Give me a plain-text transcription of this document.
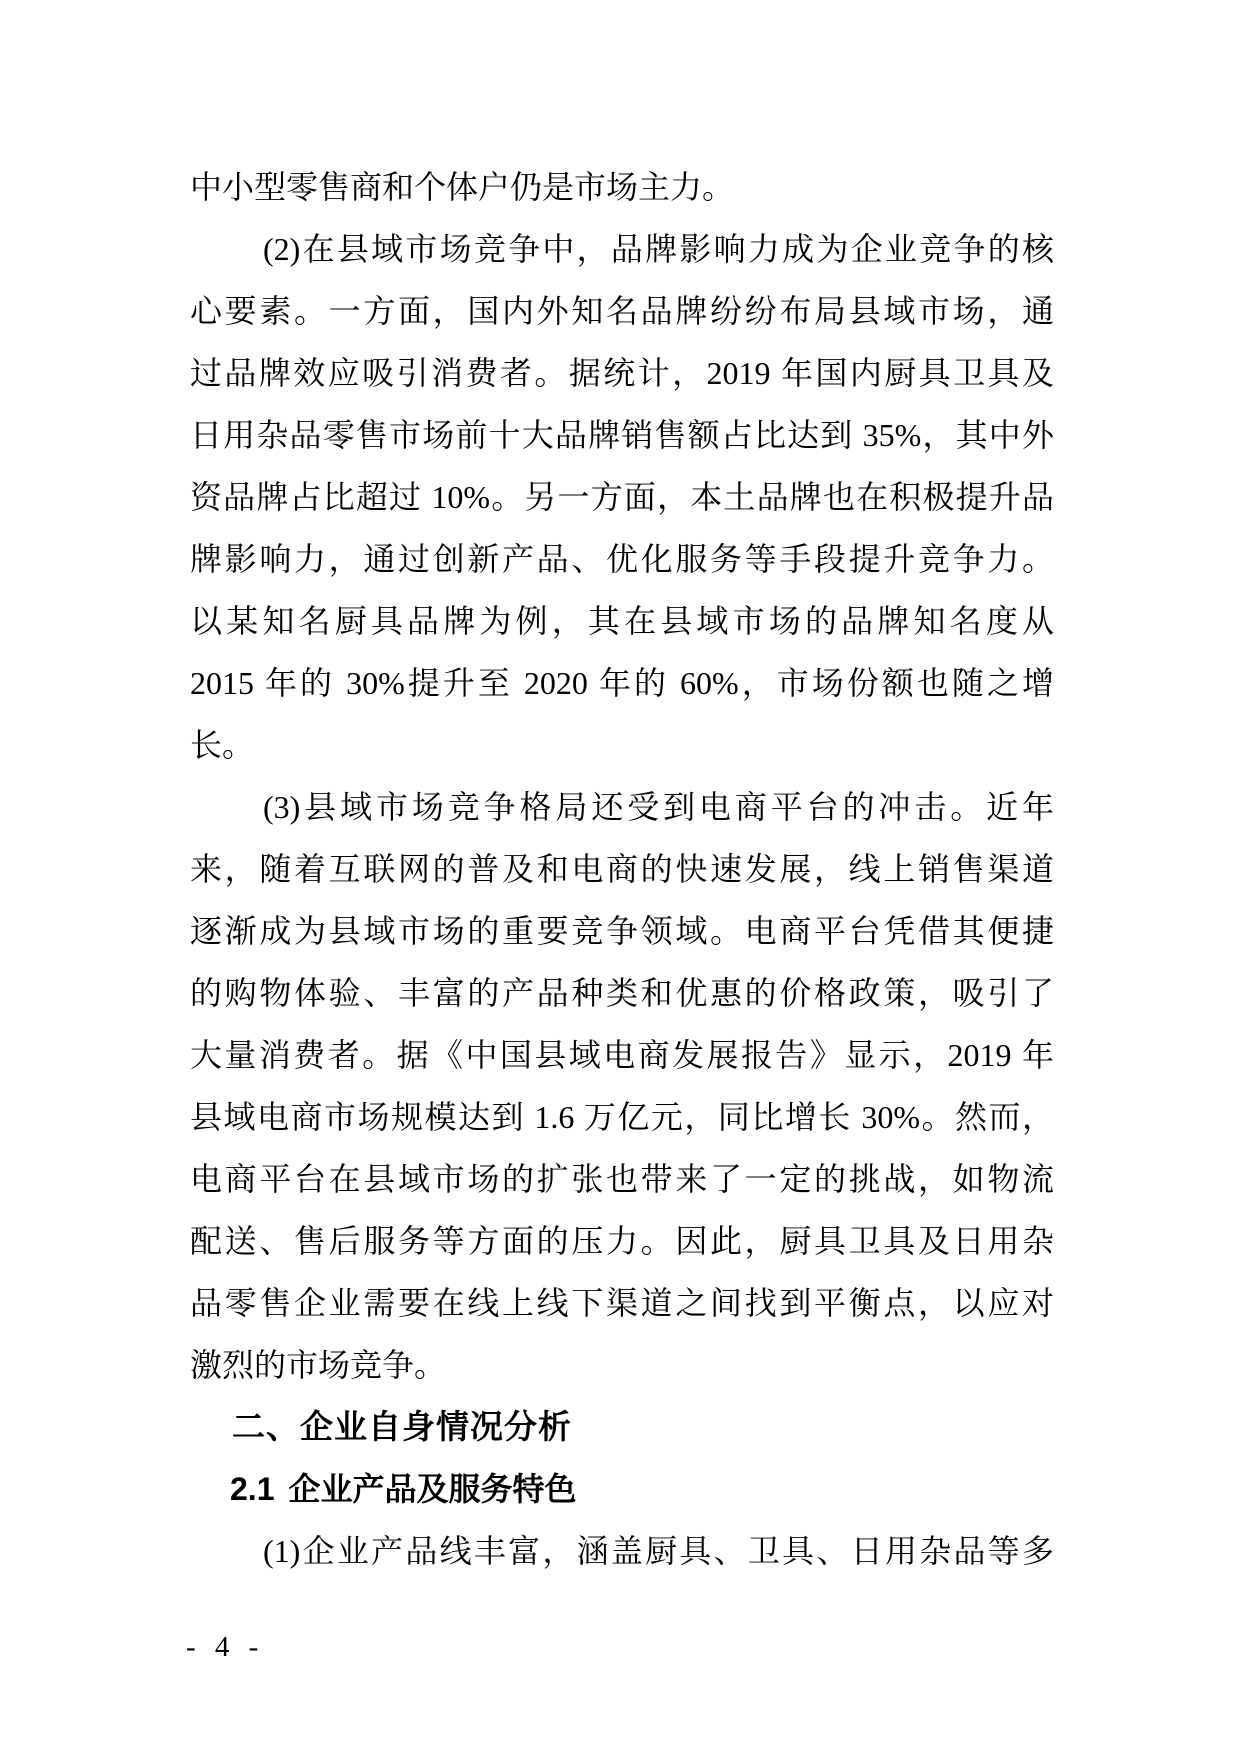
中小型零售商和个体户仍是市场主力。
(2)在县域市场竞争中，品牌影响力成为企业竞争的核
心要素。一方面，国内外知名品牌纷纷布局县域市场，通
过品牌效应吸引消费者。据统计，2019 年国内厨具卫具及
日用杂品零售市场前十大品牌销售额占比达到 35%，其中外
资品牌占比超过 10%。另一方面，本土品牌也在积极提升品
牌影响力，通过创新产品、优化服务等手段提升竞争力。
以某知名厨具品牌为例，其在县域市场的品牌知名度从
2015 年的 30%提升至 2020 年的 60%，市场份额也随之增
长。
(3)县域市场竞争格局还受到电商平台的冲击。近年
来，随着互联网的普及和电商的快速发展，线上销售渠道
逐渐成为县域市场的重要竞争领域。电商平台凭借其便捷
的购物体验、丰富的产品种类和优惠的价格政策，吸引了
大量消费者。据《中国县域电商发展报告》显示，2019 年
县域电商市场规模达到 1.6 万亿元，同比增长 30%。然而，
电商平台在县域市场的扩张也带来了一定的挑战，如物流
配送、售后服务等方面的压力。因此，厨具卫具及日用杂
品零售企业需要在线上线下渠道之间找到平衡点，以应对
激烈的市场竞争。
二、企业自身情况分析
2.1 企业产品及服务特色
(1)企业产品线丰富，涵盖厨具、卫具、日用杂品等多
- 4 -
